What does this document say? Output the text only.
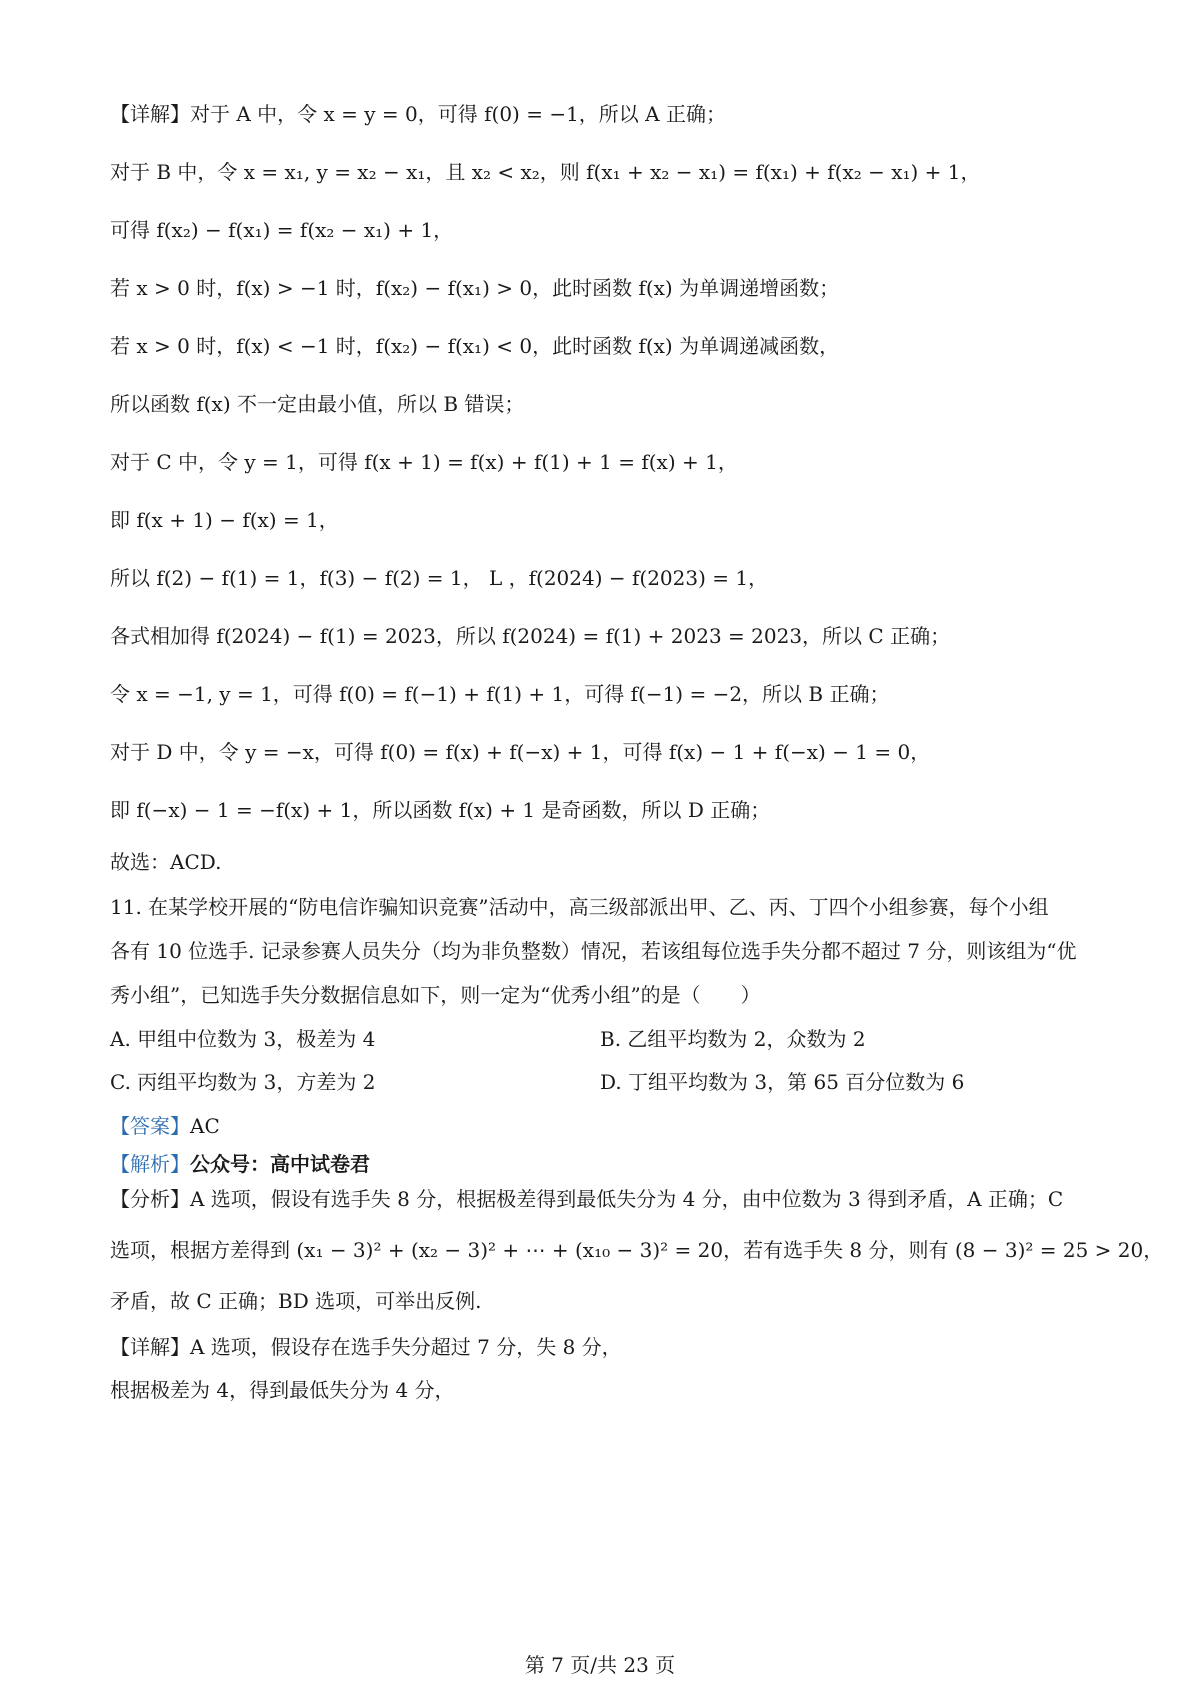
【详解】对于 A 中，令 x = y = 0，可得 f(0) = −1，所以 A 正确；
对于 B 中，令 x = x₁, y = x₂ − x₁，且 x₂ < x₂，则 f(x₁ + x₂ − x₁) = f(x₁) + f(x₂ − x₁) + 1，
可得 f(x₂) − f(x₁) = f(x₂ − x₁) + 1，
若 x > 0 时，f(x) > −1 时，f(x₂) − f(x₁) > 0，此时函数 f(x) 为单调递增函数；
若 x > 0 时，f(x) < −1 时，f(x₂) − f(x₁) < 0，此时函数 f(x) 为单调递减函数，
所以函数 f(x) 不一定由最小值，所以 B 错误；
对于 C 中，令 y = 1，可得 f(x + 1) = f(x) + f(1) + 1 = f(x) + 1，
即 f(x + 1) − f(x) = 1，
所以 f(2) − f(1) = 1，f(3) − f(2) = 1， L ，f(2024) − f(2023) = 1，
各式相加得 f(2024) − f(1) = 2023，所以 f(2024) = f(1) + 2023 = 2023，所以 C 正确；
令 x = −1, y = 1，可得 f(0) = f(−1) + f(1) + 1，可得 f(−1) = −2，所以 B 正确；
对于 D 中，令 y = −x，可得 f(0) = f(x) + f(−x) + 1，可得 f(x) − 1 + f(−x) − 1 = 0，
即 f(−x) − 1 = −f(x) + 1，所以函数 f(x) + 1 是奇函数，所以 D 正确；
故选：ACD.
11. 在某学校开展的“防电信诈骗知识竞赛”活动中，高三级部派出甲、乙、丙、丁四个小组参赛，每个小组
各有 10 位选手. 记录参赛人员失分（均为非负整数）情况，若该组每位选手失分都不超过 7 分，则该组为“优
秀小组”，已知选手失分数据信息如下，则一定为“优秀小组”的是（　　）
A. 甲组中位数为 3，极差为 4	B. 乙组平均数为 2，众数为 2
C. 丙组平均数为 3，方差为 2	D. 丁组平均数为 3，第 65 百分位数为 6
【答案】AC
【解析】公众号：高中试卷君
【分析】A 选项，假设有选手失 8 分，根据极差得到最低失分为 4 分，由中位数为 3 得到矛盾，A 正确；C
选项，根据方差得到 (x₁ − 3)² + (x₂ − 3)² + ⋯ + (x₁₀ − 3)² = 20，若有选手失 8 分，则有 (8 − 3)² = 25 > 20，
矛盾，故 C 正确；BD 选项，可举出反例.
【详解】A 选项，假设存在选手失分超过 7 分，失 8 分，
根据极差为 4，得到最低失分为 4 分，
第 7 页/共 23 页
